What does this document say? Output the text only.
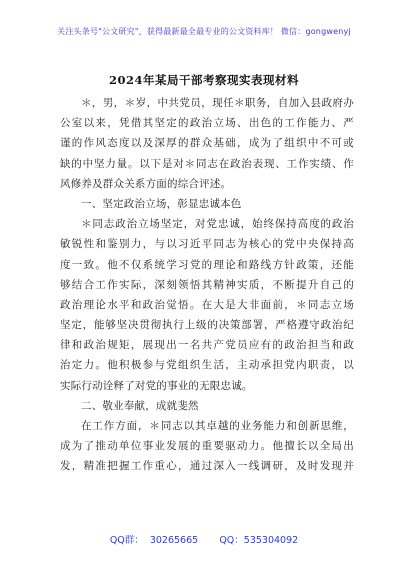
关注头条号"公文研究"，获得最新最全最专业的公文资料库！ 微信：gongwenyj
2024年某局干部考察现实表现材料
＊，男，＊岁，中共党员，现任＊职务，自加入县政府办
公室以来，凭借其坚定的政治立场、出色的工作能力、严
谨的作风态度以及深厚的群众基础，成为了组织中不可或
缺的中坚力量。以下是对＊同志在政治表现、工作实绩、作
风修养及群众关系方面的综合评述。
一、坚定政治立场，彰显忠诚本色
＊同志政治立场坚定，对党忠诚，始终保持高度的政治
敏锐性和鉴别力，与以习近平同志为核心的党中央保持高
度一致。他不仅系统学习党的理论和路线方针政策，还能
够结合工作实际，深刻领悟其精神实质，不断提升自己的
政治理论水平和政治觉悟。在大是大非面前，＊同志立场
坚定，能够坚决贯彻执行上级的决策部署，严格遵守政治纪
律和政治规矩，展现出一名共产党员应有的政治担当和政
治定力。他积极参与党组织生活，主动承担党内职责，以
实际行动诠释了对党的事业的无限忠诚。
二、敬业奉献，成就斐然
在工作方面，＊同志以其卓越的业务能力和创新思维，
成为了推动单位事业发展的重要驱动力。他擅长以全局出
发，精准把握工作重心，通过深入一线调研，及时发现并
QQ群：  30265665       QQ：535304092
